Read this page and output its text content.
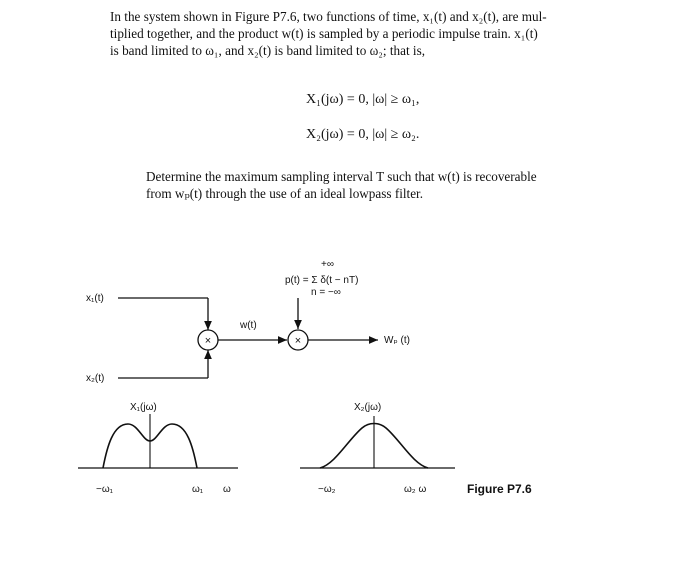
In the system shown in Figure P7.6, two functions of time, x₁(t) and x₂(t), are mul-

tiplied together, and the product w(t) is sampled by a periodic impulse train. x₁(t)

is band limited to ω₁, and x₂(t) is band limited to ω₂; that is,

X₁(jω) = 0, |ω| ≥ ω₁,
X₂(jω) = 0, |ω| ≥ ω₂.

Determine the maximum sampling interval T such that w(t) is recoverable

from wₚ(t) through the use of an ideal lowpass filter.

x₁(t)
x₂(t)
×
w(t)
×
p(t) = Σ δ(t − nT)
+∞
n = −∞
Wₚ (t)
X₁(jω)
−ω₁	ω₁ ω
X₂(jω)
−ω₂	ω₂ ω	Figure P7.6
